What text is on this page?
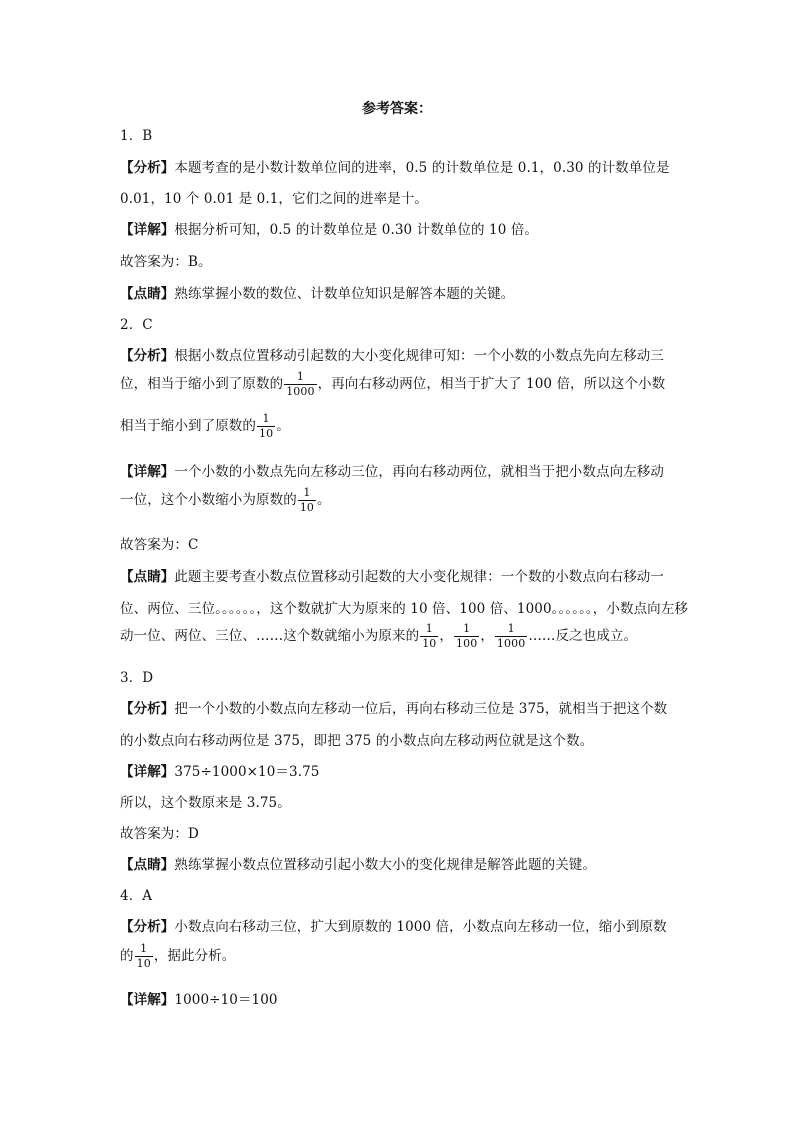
参考答案：
1．B
【分析】本题考查的是小数计数单位间的进率，0.5 的计数单位是 0.1，0.30 的计数单位是
0.01，10 个 0.01 是 0.1，它们之间的进率是十。
【详解】根据分析可知，0.5 的计数单位是 0.30 计数单位的 10 倍。
故答案为：B。
【点睛】熟练掌握小数的数位、计数单位知识是解答本题的关键。
2．C
【分析】根据小数点位置移动引起数的大小变化规律可知：一个小数的小数点先向左移动三
位，相当于缩小到了原数的 $\frac{1}{1000}$ ，再向右移动两位，相当于扩大了 100 倍，所以这个小数
相当于缩小到了原数的 $\frac{1}{10}$ 。
【详解】一个小数的小数点先向左移动三位，再向右移动两位，就相当于把小数点向左移动
一位，这个小数缩小为原数的 $\frac{1}{10}$ 。
故答案为：C
【点睛】此题主要考查小数点位置移动引起数的大小变化规律：一个数的小数点向右移动一
位、两位、三位。。。。。。，这个数就扩大为原来的 10 倍、100 倍、1000。。。。。。，小数点向左移
动一位、两位、三位、……这个数就缩小为原来的 $\frac{1}{10}$ ， $\frac{1}{100}$ ， $\frac{1}{1000}$ ……反之也成立。
3．D
【分析】把一个小数的小数点向左移动一位后，再向右移动三位是 375，就相当于把这个数
的小数点向右移动两位是 375，即把 375 的小数点向左移动两位就是这个数。
【详解】375÷1000×10＝3.75
所以，这个数原来是 3.75。
故答案为：D
【点睛】熟练掌握小数点位置移动引起小数大小的变化规律是解答此题的关键。
4．A
【分析】小数点向右移动三位，扩大到原数的 1000 倍，小数点向左移动一位，缩小到原数
的 $\frac{1}{10}$ ，据此分析。
【详解】1000÷10＝100
